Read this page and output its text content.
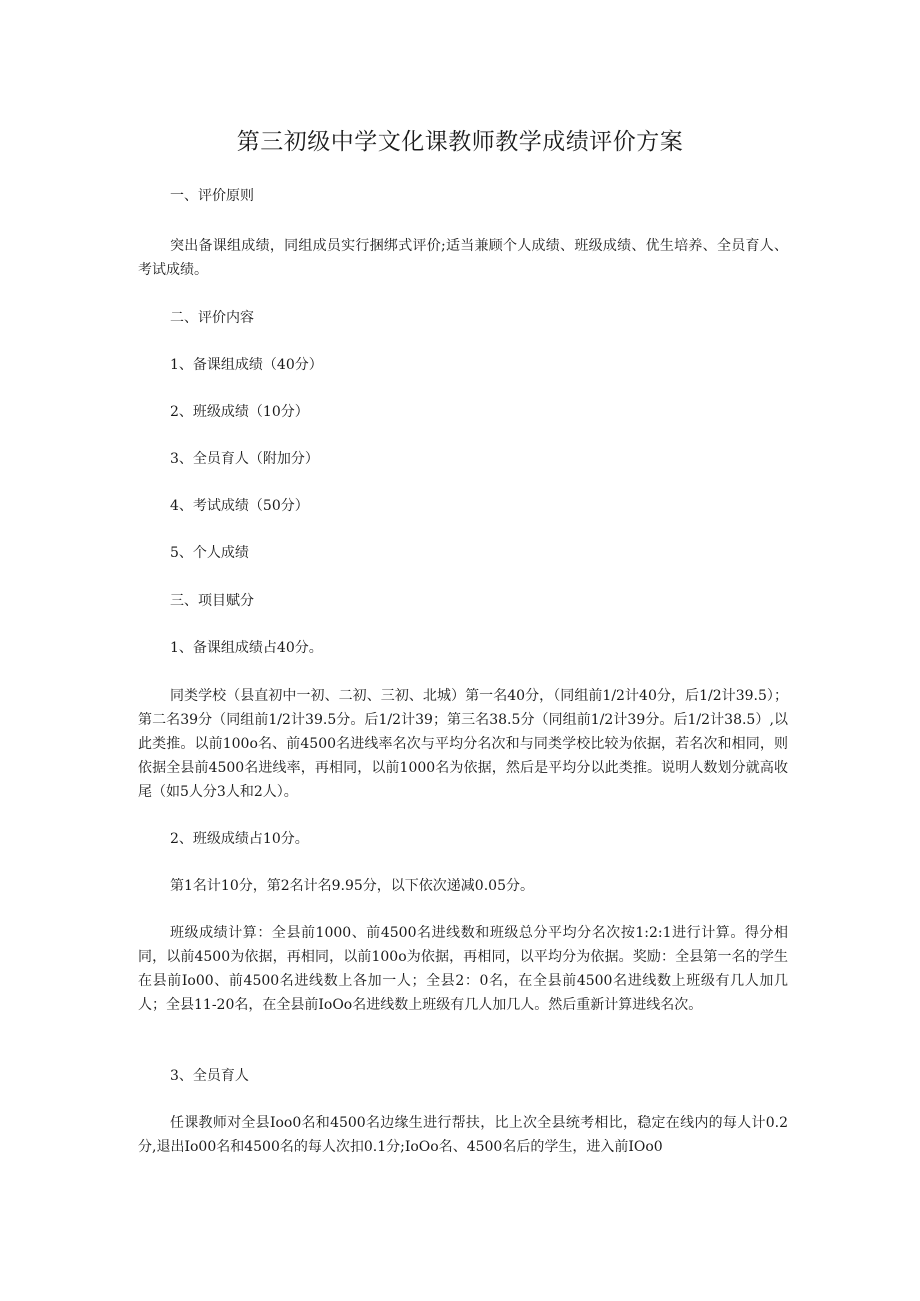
第三初级中学文化课教师教学成绩评价方案
一、评价原则
突出备课组成绩，同组成员实行捆绑式评价;适当兼顾个人成绩、班级成绩、优生培养、全员育人、考试成绩。
二、评价内容
1、备课组成绩（40分）
2、班级成绩（10分）
3、全员育人（附加分）
4、考试成绩（50分）
5、个人成绩
三、项目赋分
1、备课组成绩占40分。
同类学校（县直初中一初、二初、三初、北城）第一名40分，（同组前1/2计40分，后1/2计39.5）；第二名39分（同组前1/2计39.5分。后1/2计39；第三名38.5分（同组前1/2计39分。后1/2计38.5）,以此类推。以前100o名、前4500名进线率名次与平均分名次和与同类学校比较为依据，若名次和相同，则依据全县前4500名进线率，再相同，以前1000名为依据，然后是平均分以此类推。说明人数划分就高收尾（如5人分3人和2人）。
2、班级成绩占10分。
第1名计10分，第2名计名9.95分，以下依次递减0.05分。
班级成绩计算：全县前1000、前4500名进线数和班级总分平均分名次按1:2:1进行计算。得分相同，以前4500为依据，再相同，以前100o为依据，再相同，以平均分为依据。奖励：全县第一名的学生在县前Io00、前4500名进线数上各加一人；全县2：0名，在全县前4500名进线数上班级有几人加几人；全县11-20名，在全县前IoOo名进线数上班级有几人加几人。然后重新计算进线名次。
3、全员育人
任课教师对全县Ioo0名和4500名边缘生进行帮扶，比上次全县统考相比，稳定在线内的每人计0.2分,退出Io00名和4500名的每人次扣0.1分;IoOo名、4500名后的学生，进入前IOo0
